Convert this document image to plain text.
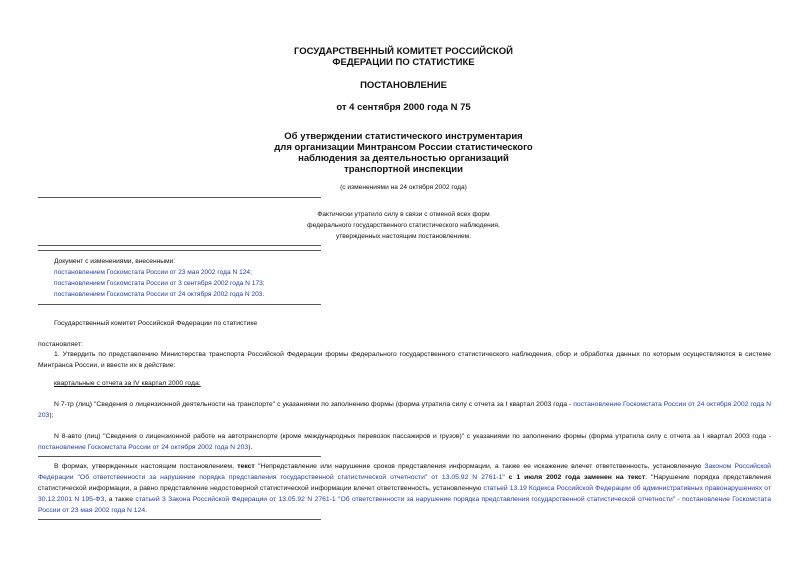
ГОСУДАРСТВЕННЫЙ КОМИТЕТ РОССИЙСКОЙ
ФЕДЕРАЦИИ ПО СТАТИСТИКЕ
ПОСТАНОВЛЕНИЕ
от 4 сентября 2000 года N 75
Об утверждении статистического инструментария
для организации Минтрансом России статистического
наблюдения за деятельностью организаций
транспортной инспекции
(с изменениями на 24 октября 2002 года)
Фактически утратило силу в связи с отменой всех форм
федерального государственного статистического наблюдения,
утвержденных настоящим постановлением.
Документ с изменениями, внесенными:
постановлением Госкомстата России от 23 мая 2002 года N 124;
постановлением Госкомстата России от 3 сентября 2002 года N 173;
постановлением Госкомстата России от 24 октября 2002 года N 203.
Государственный комитет Российской Федерации по статистике
постановляет:
1. Утвердить по представлению Министерства транспорта Российской Федерации формы федерального государственного статистического наблюдения, сбор и обработка данных по которым осуществляются в системе Минтранса России, и ввести их в действие:
квартальные с отчета за IV квартал 2000 года:
N 7-тр (лиц) "Сведения о лицензионной деятельности на транспорте" с указаниями по заполнению формы (форма утратила силу с отчета за I квартал 2003 года - постановление Госкомстата России от 24 октября 2002 года N 203);
N 8-авто (лиц) "Сведения о лицензионной работе на автотранспорте (кроме международных перевозок пассажиров и грузов)" с указаниями по заполнению формы (форма утратила силу с отчета за I квартал 2003 года - постановление Госкомстата России от 24 октября 2002 года N 203).
В формах, утвержденных настоящим постановлением, текст "Непредставление или нарушение сроков представления информации, а также ее искажение влечет ответственность, установленную Законом Российской Федерации "Об ответственности за нарушение порядка представления государственной статистической отчетности" от 13.05.92 N 2761-1" с 1 июля 2002 года заменен на текст: "Нарушение порядка представления статистической информации, а равно представление недостоверной статистической информации влечет ответственность, установленную статьей 13.19 Кодекса Российской Федерации об административных правонарушениях от 30.12.2001 N 195-ФЗ, а также статьей 3 Закона Российской Федерации от 13.05.92 N 2761-1 "Об ответственности за нарушение порядка представления государственной статистической отчетности" - постановление Госкомстата России от 23 мая 2002 года N 124.
